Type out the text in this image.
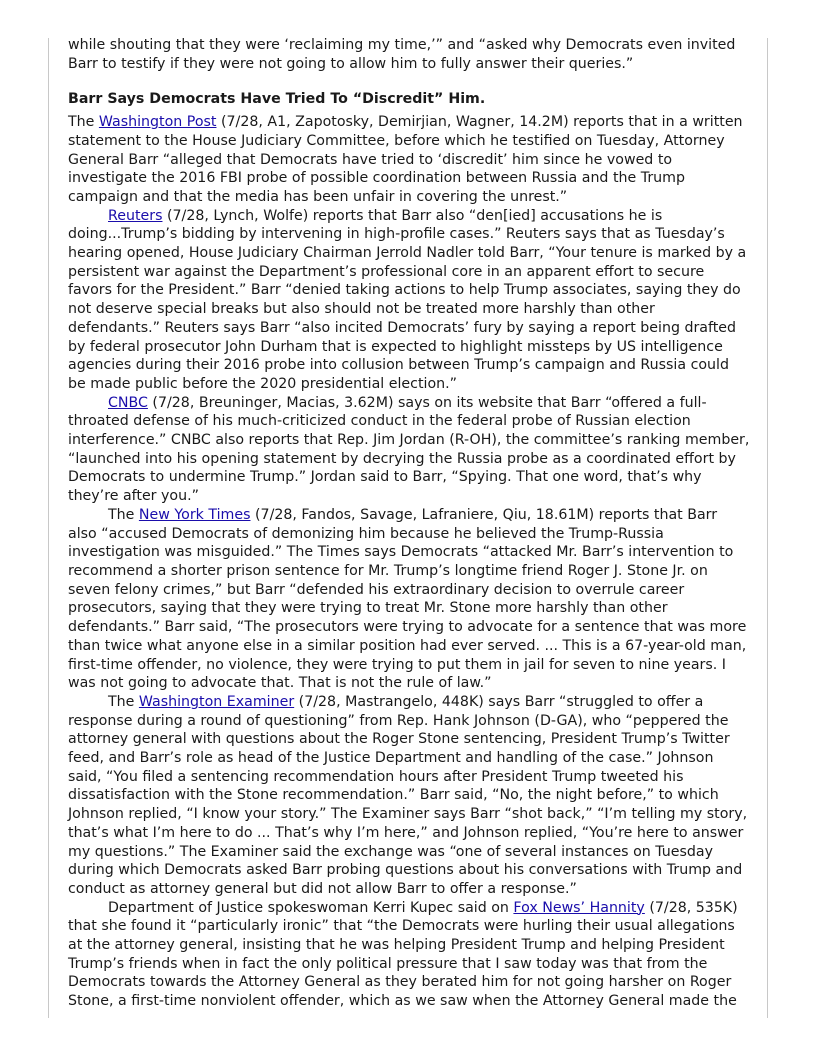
while shouting that they were ‘reclaiming my time,’” and “asked why Democrats even invited Barr to testify if they were not going to allow him to fully answer their queries.”

Barr Says Democrats Have Tried To “Discredit” Him.

The Washington Post (7/28, A1, Zapotosky, Demirjian, Wagner, 14.2M) reports that in a written statement to the House Judiciary Committee, before which he testified on Tuesday, Attorney General Barr “alleged that Democrats have tried to ‘discredit’ him since he vowed to investigate the 2016 FBI probe of possible coordination between Russia and the Trump campaign and that the media has been unfair in covering the unrest.”

Reuters (7/28, Lynch, Wolfe) reports that Barr also “den[ied] accusations he is doing...Trump’s bidding by intervening in high-profile cases.” Reuters says that as Tuesday’s hearing opened, House Judiciary Chairman Jerrold Nadler told Barr, “Your tenure is marked by a persistent war against the Department’s professional core in an apparent effort to secure favors for the President.” Barr “denied taking actions to help Trump associates, saying they do not deserve special breaks but also should not be treated more harshly than other defendants.” Reuters says Barr “also incited Democrats’ fury by saying a report being drafted by federal prosecutor John Durham that is expected to highlight missteps by US intelligence agencies during their 2016 probe into collusion between Trump’s campaign and Russia could be made public before the 2020 presidential election.”

CNBC (7/28, Breuninger, Macias, 3.62M) says on its website that Barr “offered a full-throated defense of his much-criticized conduct in the federal probe of Russian election interference.” CNBC also reports that Rep. Jim Jordan (R-OH), the committee’s ranking member, “launched into his opening statement by decrying the Russia probe as a coordinated effort by Democrats to undermine Trump.” Jordan said to Barr, “Spying. That one word, that’s why they’re after you.”

The New York Times (7/28, Fandos, Savage, Lafraniere, Qiu, 18.61M) reports that Barr also “accused Democrats of demonizing him because he believed the Trump-Russia investigation was misguided.” The Times says Democrats “attacked Mr. Barr’s intervention to recommend a shorter prison sentence for Mr. Trump’s longtime friend Roger J. Stone Jr. on seven felony crimes,” but Barr “defended his extraordinary decision to overrule career prosecutors, saying that they were trying to treat Mr. Stone more harshly than other defendants.” Barr said, “The prosecutors were trying to advocate for a sentence that was more than twice what anyone else in a similar position had ever served. ... This is a 67-year-old man, first-time offender, no violence, they were trying to put them in jail for seven to nine years. I was not going to advocate that. That is not the rule of law.”

The Washington Examiner (7/28, Mastrangelo, 448K) says Barr “struggled to offer a response during a round of questioning” from Rep. Hank Johnson (D-GA), who “peppered the attorney general with questions about the Roger Stone sentencing, President Trump’s Twitter feed, and Barr’s role as head of the Justice Department and handling of the case.” Johnson said, “You filed a sentencing recommendation hours after President Trump tweeted his dissatisfaction with the Stone recommendation.” Barr said, “No, the night before,” to which Johnson replied, “I know your story.” The Examiner says Barr “shot back,” “I’m telling my story, that’s what I’m here to do ... That’s why I’m here,” and Johnson replied, “You’re here to answer my questions.” The Examiner said the exchange was “one of several instances on Tuesday during which Democrats asked Barr probing questions about his conversations with Trump and conduct as attorney general but did not allow Barr to offer a response.”

Department of Justice spokeswoman Kerri Kupec said on Fox News’ Hannity (7/28, 535K) that she found it “particularly ironic” that “the Democrats were hurling their usual allegations at the attorney general, insisting that he was helping President Trump and helping President Trump’s friends when in fact the only political pressure that I saw today was that from the Democrats towards the Attorney General as they berated him for not going harsher on Roger Stone, a first-time nonviolent offender, which as we saw when the Attorney General made the
